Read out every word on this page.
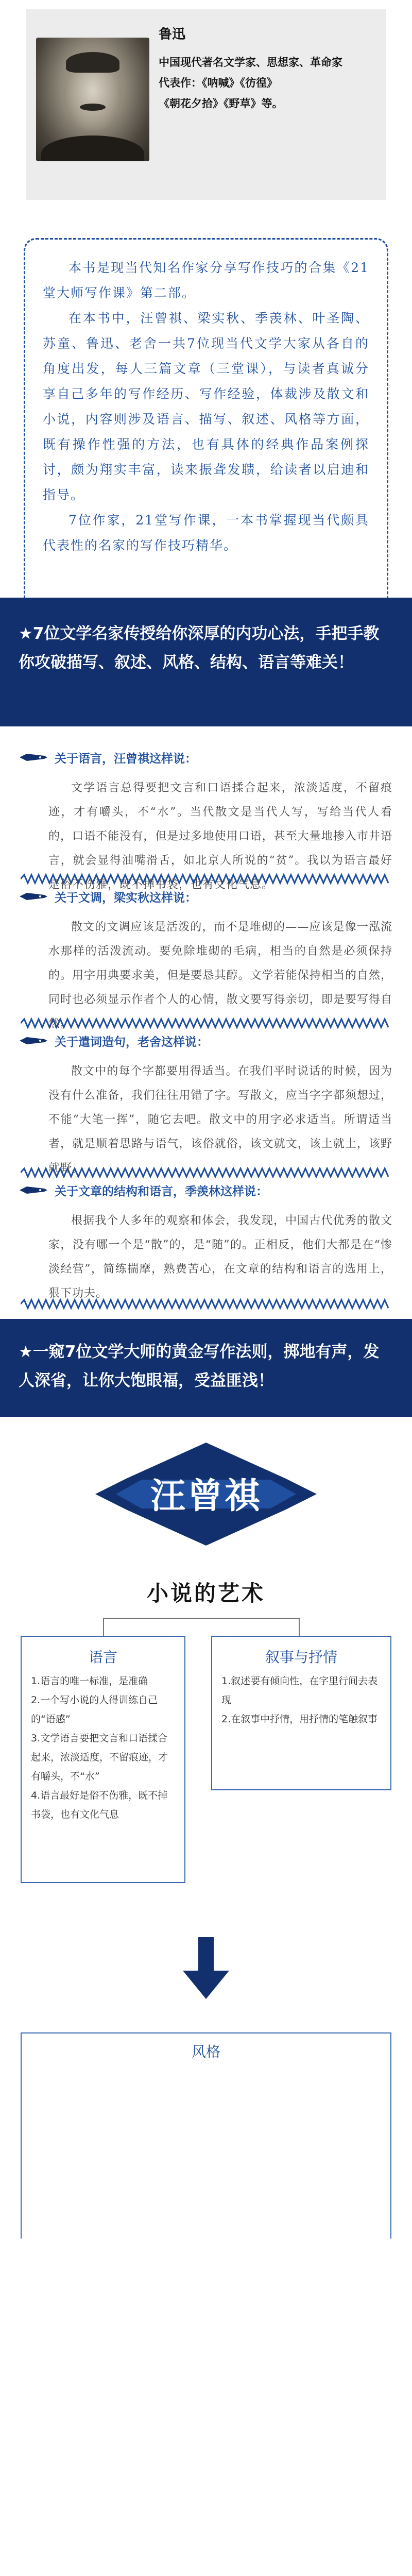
鲁迅
中国现代著名文学家、思想家、革命家
代表作：《呐喊》《彷徨》
《朝花夕拾》《野草》等。

本书是现当代知名作家分享写作技巧的合集《21堂大师写作课》第二部。

在本书中，汪曾祺、梁实秋、季羡林、叶圣陶、苏童、鲁迅、老舍一共7位现当代文学大家从各自的角度出发，每人三篇文章（三堂课），与读者真诚分享自己多年的写作经历、写作经验，体裁涉及散文和小说，内容则涉及语言、描写、叙述、风格等方面，既有操作性强的方法，也有具体的经典作品案例探讨，颇为翔实丰富，读来振聋发聩，给读者以启迪和指导。

7位作家，21堂写作课，一本书掌握现当代颇具代表性的名家的写作技巧精华。

★7位文学名家传授给你深厚的内功心法，手把手教你攻破描写、叙述、风格、结构、语言等难关！
关于语言，汪曾祺这样说：

文学语言总得要把文言和口语揉合起来，浓淡适度，不留痕迹，才有嚼头，不“水”。当代散文是当代人写，写给当代人看的，口语不能没有，但是过多地使用口语，甚至大量地掺入市井语言，就会显得油嘴滑舌，如北京人所说的“贫”。我以为语言最好是俗不伤雅，既不掉书袋，也有文化气息。

关于文调，梁实秋这样说：

散文的文调应该是活泼的，而不是堆砌的——应该是像一泓流水那样的活泼流动。要免除堆砌的毛病，相当的自然是必须保持的。用字用典要求美，但是要恳其醇。文学若能保持相当的自然，同时也必须显示作者个人的心情，散文要写得亲切，即是要写得自然。

关于遣词造句，老舍这样说：

散文中的每个字都要用得适当。在我们平时说话的时候，因为没有什么准备，我们往往用错了字。写散文，应当字字都须想过，不能“大笔一挥”，随它去吧。散文中的用字必求适当。所谓适当者，就是顺着思路与语气，该俗就俗，该文就文，该土就土，该野就野。

关于文章的结构和语言，季羡林这样说：

根据我个人多年的观察和体会，我发现，中国古代优秀的散文家，没有哪一个是“散”的，是“随”的。正相反，他们大都是在“惨淡经营”，简练揣摩，熟费苦心，在文章的结构和语言的选用上，狠下功夫。

★一窥7位文学大师的黄金写作法则，掷地有声，发人深省，让你大饱眼福，受益匪浅！
汪曾祺
小说的艺术
语言
1.语言的唯一标准，是准确
2.一个写小说的人得训练自己的“语感”
3.文学语言要把文言和口语揉合起来，浓淡适度，不留痕迹，才有嚼头，不“水”
4.语言最好是俗不伤雅，既不掉书袋，也有文化气息
叙事与抒情
1.叙述要有倾向性，在字里行间去表现
2.在叙事中抒情，用抒情的笔触叙事
风格
